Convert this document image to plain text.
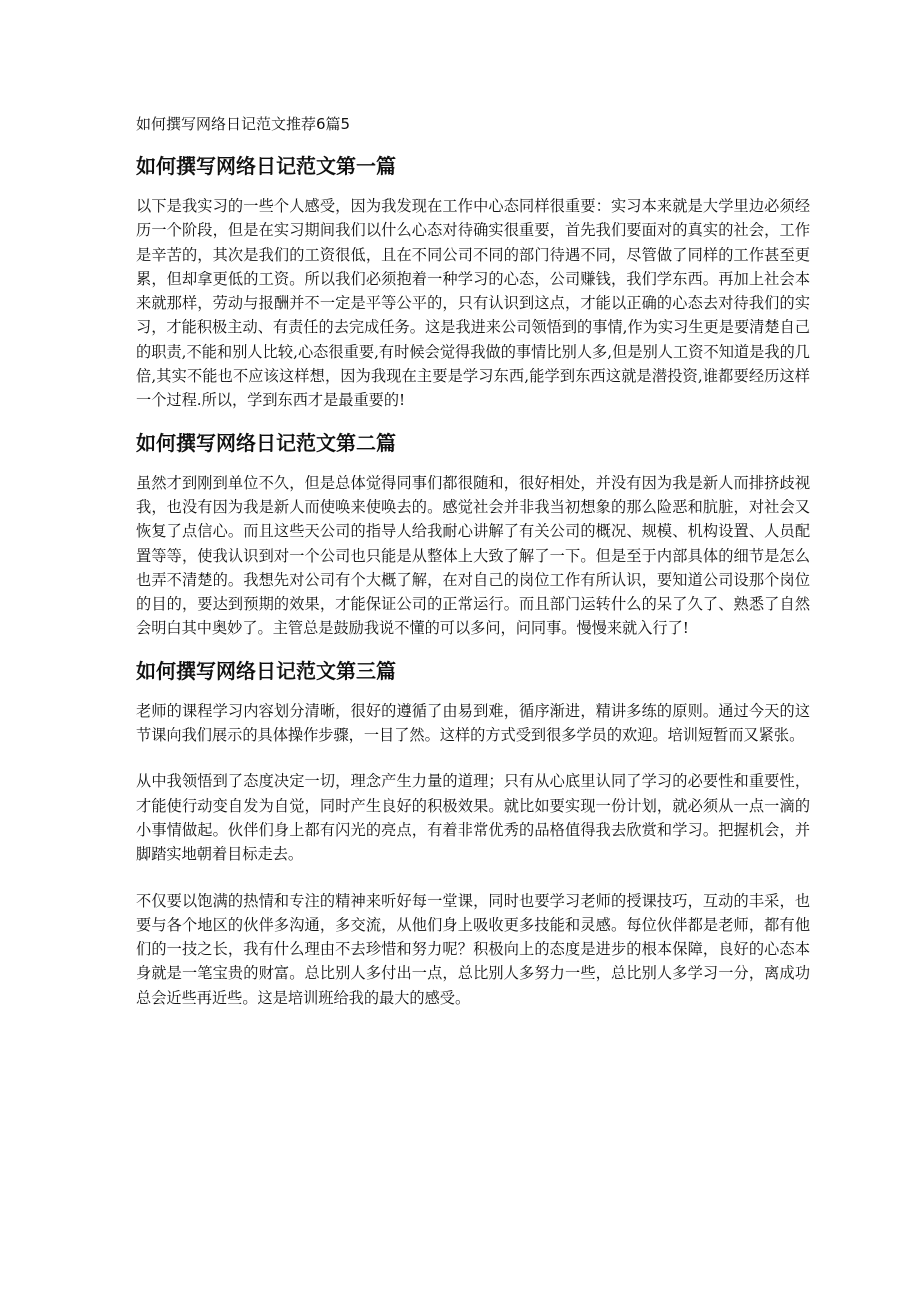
如何撰写网络日记范文推荐6篇5
如何撰写网络日记范文第一篇

以下是我实习的一些个人感受，因为我发现在工作中心态同样很重要：实习本来就是大学里边必须经历一个阶段，但是在实习期间我们以什么心态对待确实很重要，首先我们要面对的真实的社会，工作是辛苦的，其次是我们的工资很低，且在不同公司不同的部门待遇不同，尽管做了同样的工作甚至更累，但却拿更低的工资。所以我们必须抱着一种学习的心态，公司赚钱，我们学东西。再加上社会本来就那样，劳动与报酬并不一定是平等公平的，只有认识到这点，才能以正确的心态去对待我们的实习，才能积极主动、有责任的去完成任务。这是我进来公司领悟到的事情,作为实习生更是要清楚自己的职责,不能和别人比较,心态很重要,有时候会觉得我做的事情比别人多,但是别人工资不知道是我的几倍,其实不能也不应该这样想，因为我现在主要是学习东西,能学到东西这就是潜投资,谁都要经历这样一个过程.所以，学到东西才是最重要的!

如何撰写网络日记范文第二篇

虽然才到刚到单位不久，但是总体觉得同事们都很随和，很好相处，并没有因为我是新人而排挤歧视我，也没有因为我是新人而使唤来使唤去的。感觉社会并非我当初想象的那么险恶和肮脏，对社会又恢复了点信心。而且这些天公司的指导人给我耐心讲解了有关公司的概况、规模、机构设置、人员配置等等，使我认识到对一个公司也只能是从整体上大致了解了一下。但是至于内部具体的细节是怎么也弄不清楚的。我想先对公司有个大概了解，在对自己的岗位工作有所认识，要知道公司设那个岗位的目的，要达到预期的效果，才能保证公司的正常运行。而且部门运转什么的呆了久了、熟悉了自然会明白其中奥妙了。主管总是鼓励我说不懂的可以多问，问同事。慢慢来就入行了!

如何撰写网络日记范文第三篇

老师的课程学习内容划分清晰，很好的遵循了由易到难，循序渐进，精讲多练的原则。通过今天的这节课向我们展示的具体操作步骤，一目了然。这样的方式受到很多学员的欢迎。培训短暂而又紧张。

从中我领悟到了态度决定一切，理念产生力量的道理；只有从心底里认同了学习的必要性和重要性，才能使行动变自发为自觉，同时产生良好的积极效果。就比如要实现一份计划，就必须从一点一滴的小事情做起。伙伴们身上都有闪光的亮点，有着非常优秀的品格值得我去欣赏和学习。把握机会，并脚踏实地朝着目标走去。

不仅要以饱满的热情和专注的精神来听好每一堂课，同时也要学习老师的授课技巧，互动的丰采，也要与各个地区的伙伴多沟通，多交流，从他们身上吸收更多技能和灵感。每位伙伴都是老师，都有他们的一技之长，我有什么理由不去珍惜和努力呢？积极向上的态度是进步的根本保障，良好的心态本身就是一笔宝贵的财富。总比别人多付出一点，总比别人多努力一些，总比别人多学习一分，离成功总会近些再近些。这是培训班给我的最大的感受。
